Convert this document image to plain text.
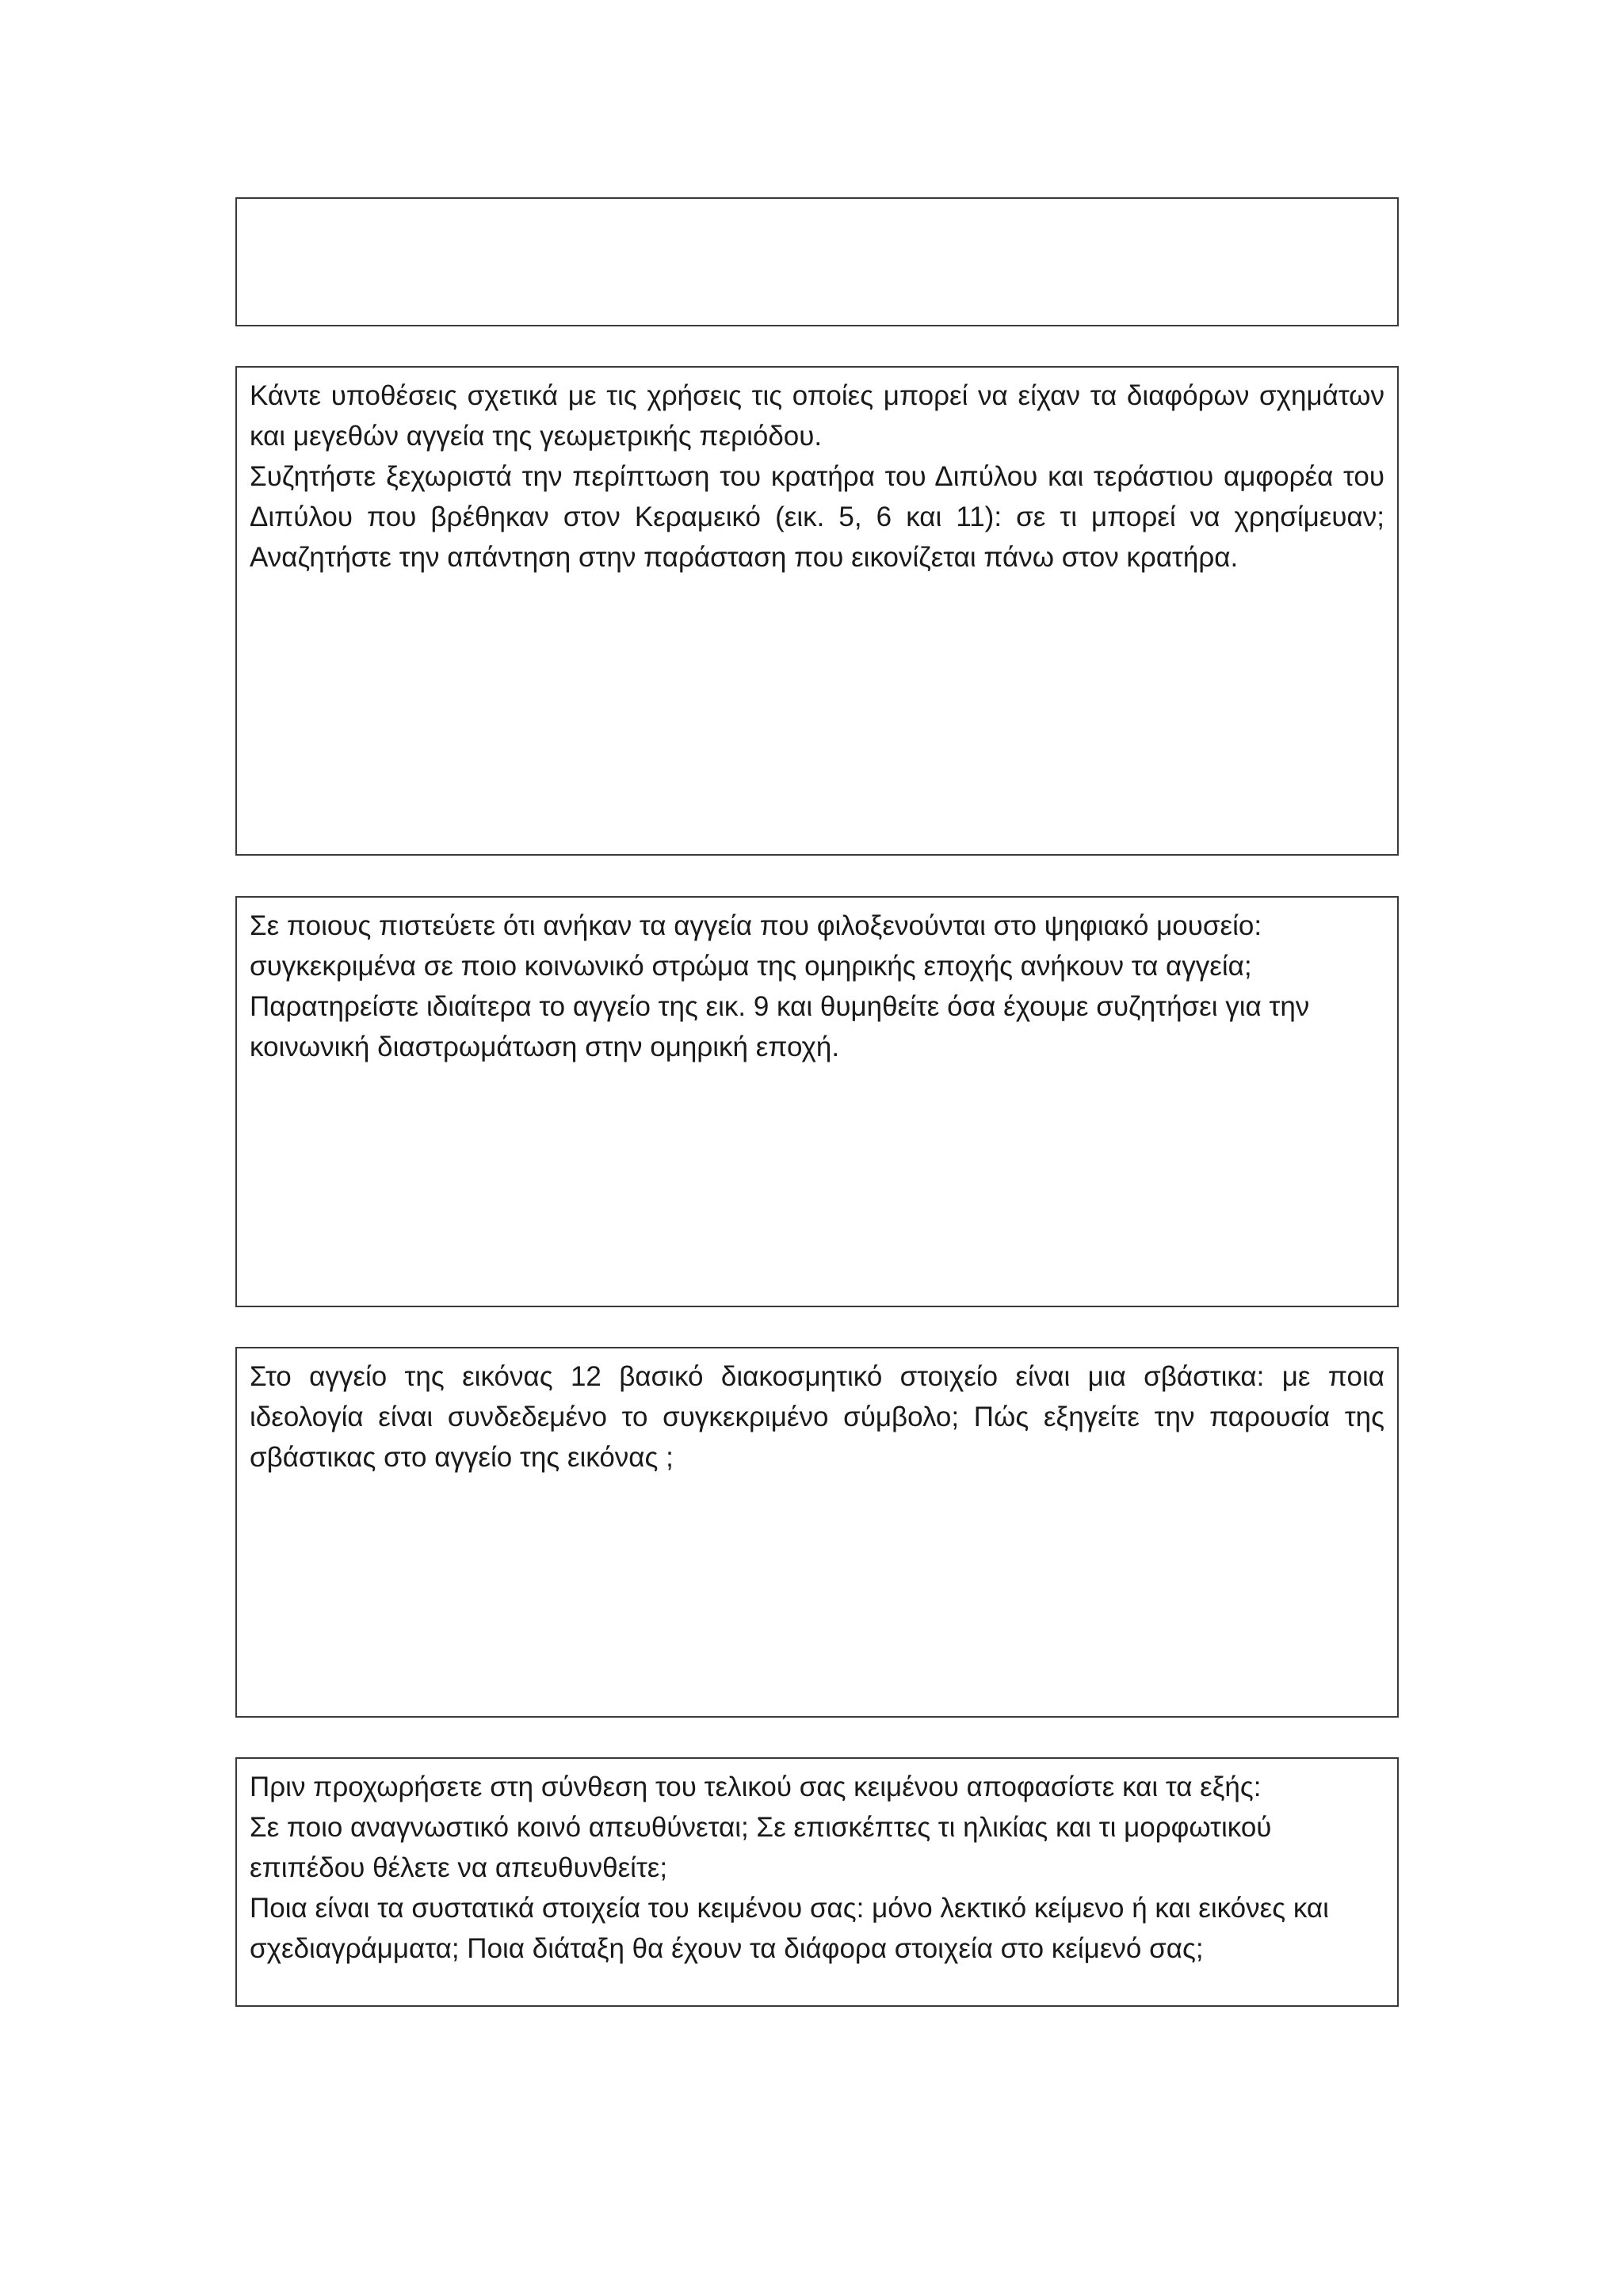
Κάντε υποθέσεις σχετικά με τις χρήσεις τις οποίες μπορεί να είχαν τα διαφόρων σχημάτων και μεγεθών αγγεία της γεωμετρικής περιόδου.

Συζητήστε ξεχωριστά την περίπτωση του κρατήρα του Διπύλου και τεράστιου αμφορέα του Διπύλου που βρέθηκαν στον Κεραμεικό (εικ. 5, 6 και 11): σε τι μπορεί να χρησίμευαν; Αναζητήστε την απάντηση στην παράσταση που εικονίζεται πάνω στον κρατήρα.

Σε ποιους πιστεύετε ότι ανήκαν τα αγγεία που φιλοξενούνται στο ψηφιακό μουσείο: συγκεκριμένα σε ποιο κοινωνικό στρώμα της ομηρικής εποχής ανήκουν τα αγγεία; Παρατηρείστε ιδιαίτερα το αγγείο της εικ. 9 και θυμηθείτε όσα έχουμε συζητήσει για την κοινωνική διαστρωμάτωση στην ομηρική εποχή.

Στο αγγείο της εικόνας 12 βασικό διακοσμητικό στοιχείο είναι μια σβάστικα: με ποια ιδεολογία είναι συνδεδεμένο το συγκεκριμένο σύμβολο; Πώς εξηγείτε την παρουσία της σβάστικας στο αγγείο της εικόνας ;

Πριν προχωρήσετε στη σύνθεση του τελικού σας κειμένου αποφασίστε και τα εξής:

Σε ποιο αναγνωστικό κοινό απευθύνεται; Σε επισκέπτες τι ηλικίας και τι μορφωτικού επιπέδου θέλετε να απευθυνθείτε;

Ποια είναι τα συστατικά στοιχεία του κειμένου σας: μόνο λεκτικό κείμενο ή και εικόνες και σχεδιαγράμματα; Ποια διάταξη θα έχουν τα διάφορα στοιχεία στο κείμενό σας;
